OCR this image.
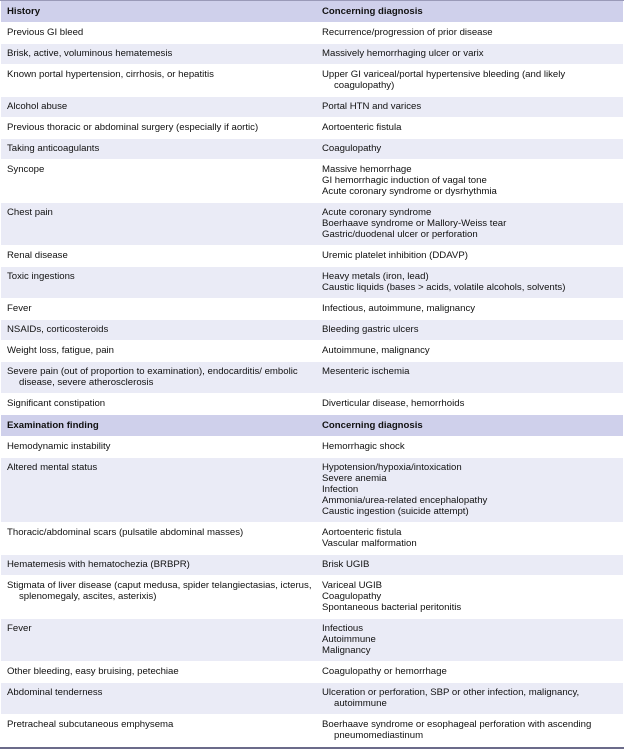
History	Concerning diagnosis

Previous GI bleed	Recurrence/progression of prior disease

Brisk, active, voluminous hematemesis	Massively hemorrhaging ulcer or varix

Known portal hypertension, cirrhosis, or hepatitis	Upper GI variceal/portal hypertensive bleeding (and likely coagulopathy)

Alcohol abuse	Portal HTN and varices

Previous thoracic or abdominal surgery (especially if aortic)	Aortoenteric fistula

Taking anticoagulants	Coagulopathy

Syncope	Massive hemorrhage
GI hemorrhagic induction of vagal tone
Acute coronary syndrome or dysrhythmia

Chest pain	Acute coronary syndrome
Boerhaave syndrome or Mallory-Weiss tear
Gastric/duodenal ulcer or perforation

Renal disease	Uremic platelet inhibition (DDAVP)

Toxic ingestions	Heavy metals (iron, lead)
Caustic liquids (bases > acids, volatile alcohols, solvents)

Fever	Infectious, autoimmune, malignancy

NSAIDs, corticosteroids	Bleeding gastric ulcers

Weight loss, fatigue, pain	Autoimmune, malignancy

Severe pain (out of proportion to examination), endocarditis/ embolic disease, severe atherosclerosis	Mesenteric ischemia

Significant constipation	Diverticular disease, hemorrhoids

Examination finding	Concerning diagnosis

Hemodynamic instability	Hemorrhagic shock

Altered mental status	Hypotension/hypoxia/intoxication
Severe anemia
Infection
Ammonia/urea-related encephalopathy
Caustic ingestion (suicide attempt)

Thoracic/abdominal scars (pulsatile abdominal masses)	Aortoenteric fistula
Vascular malformation

Hematemesis with hematochezia (BRBPR)	Brisk UGIB

Stigmata of liver disease (caput medusa, spider telangiectasias, icterus, splenomegaly, ascites, asterixis)	Variceal UGIB
Coagulopathy
Spontaneous bacterial peritonitis

Fever	Infectious
Autoimmune
Malignancy

Other bleeding, easy bruising, petechiae	Coagulopathy or hemorrhage

Abdominal tenderness	Ulceration or perforation, SBP or other infection, malignancy, autoimmune

Pretracheal subcutaneous emphysema	Boerhaave syndrome or esophageal perforation with ascending pneumomediastinum
